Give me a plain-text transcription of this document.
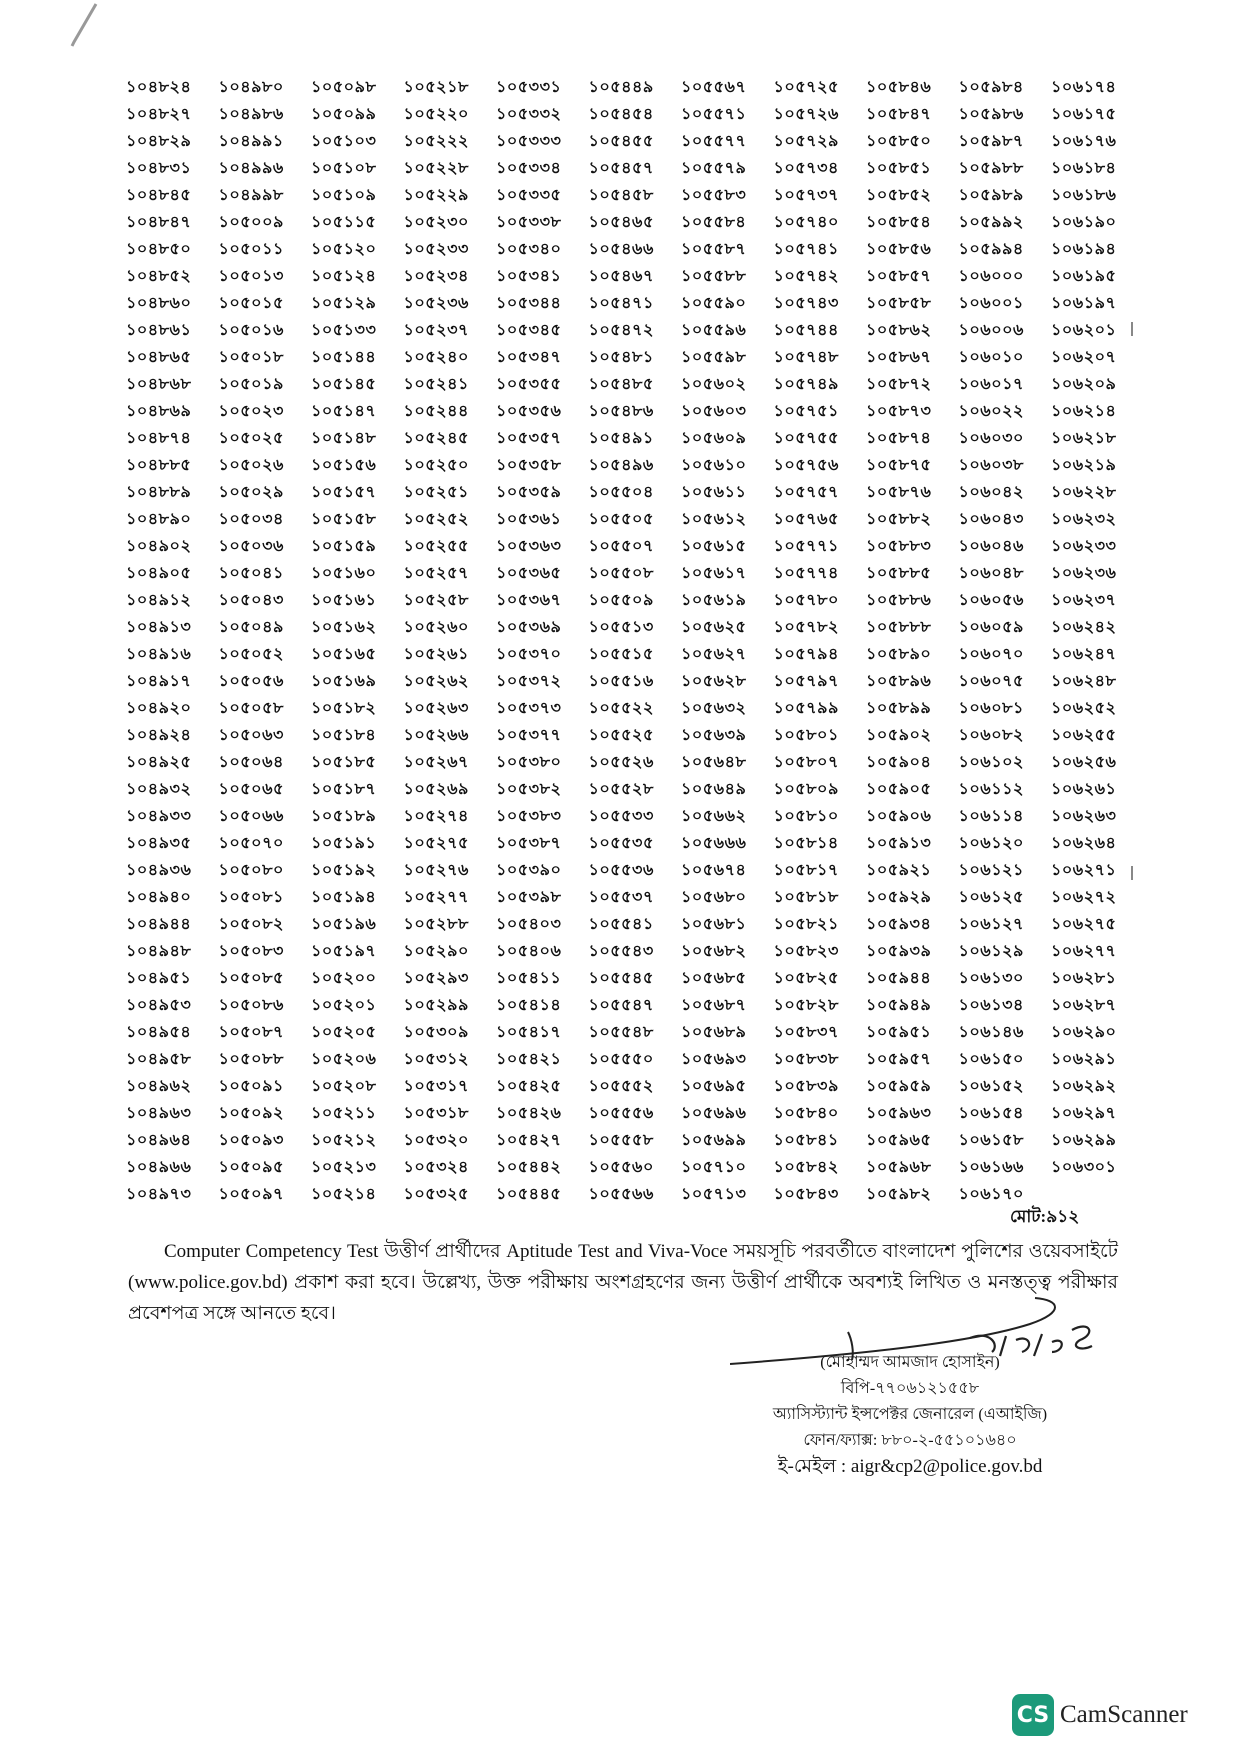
১০৪৮২৪	১০৪৯৮০	১০৫০৯৮	১০৫২১৮	১০৫৩৩১	১০৫৪৪৯	১০৫৫৬৭	১০৫৭২৫	১০৫৮৪৬	১০৫৯৮৪	১০৬১৭৪
১০৪৮২৭	১০৪৯৮৬	১০৫০৯৯	১০৫২২০	১০৫৩৩২	১০৫৪৫৪	১০৫৫৭১	১০৫৭২৬	১০৫৮৪৭	১০৫৯৮৬	১০৬১৭৫
১০৪৮২৯	১০৪৯৯১	১০৫১০৩	১০৫২২২	১০৫৩৩৩	১০৫৪৫৫	১০৫৫৭৭	১০৫৭২৯	১০৫৮৫০	১০৫৯৮৭	১০৬১৭৬
১০৪৮৩১	১০৪৯৯৬	১০৫১০৮	১০৫২২৮	১০৫৩৩৪	১০৫৪৫৭	১০৫৫৭৯	১০৫৭৩৪	১০৫৮৫১	১০৫৯৮৮	১০৬১৮৪
১০৪৮৪৫	১০৪৯৯৮	১০৫১০৯	১০৫২২৯	১০৫৩৩৫	১০৫৪৫৮	১০৫৫৮৩	১০৫৭৩৭	১০৫৮৫২	১০৫৯৮৯	১০৬১৮৬
১০৪৮৪৭	১০৫০০৯	১০৫১১৫	১০৫২৩০	১০৫৩৩৮	১০৫৪৬৫	১০৫৫৮৪	১০৫৭৪০	১০৫৮৫৪	১০৫৯৯২	১০৬১৯০
১০৪৮৫০	১০৫০১১	১০৫১২০	১০৫২৩৩	১০৫৩৪০	১০৫৪৬৬	১০৫৫৮৭	১০৫৭৪১	১০৫৮৫৬	১০৫৯৯৪	১০৬১৯৪
১০৪৮৫২	১০৫০১৩	১০৫১২৪	১০৫২৩৪	১০৫৩৪১	১০৫৪৬৭	১০৫৫৮৮	১০৫৭৪২	১০৫৮৫৭	১০৬০০০	১০৬১৯৫
১০৪৮৬০	১০৫০১৫	১০৫১২৯	১০৫২৩৬	১০৫৩৪৪	১০৫৪৭১	১০৫৫৯০	১০৫৭৪৩	১০৫৮৫৮	১০৬০০১	১০৬১৯৭
১০৪৮৬১	১০৫০১৬	১০৫১৩৩	১০৫২৩৭	১০৫৩৪৫	১০৫৪৭২	১০৫৫৯৬	১০৫৭৪৪	১০৫৮৬২	১০৬০০৬	১০৬২০১
১০৪৮৬৫	১০৫০১৮	১০৫১৪৪	১০৫২৪০	১০৫৩৪৭	১০৫৪৮১	১০৫৫৯৮	১০৫৭৪৮	১০৫৮৬৭	১০৬০১০	১০৬২০৭
১০৪৮৬৮	১০৫০১৯	১০৫১৪৫	১০৫২৪১	১০৫৩৫৫	১০৫৪৮৫	১০৫৬০২	১০৫৭৪৯	১০৫৮৭২	১০৬০১৭	১০৬২০৯
১০৪৮৬৯	১০৫০২৩	১০৫১৪৭	১০৫২৪৪	১০৫৩৫৬	১০৫৪৮৬	১০৫৬০৩	১০৫৭৫১	১০৫৮৭৩	১০৬০২২	১০৬২১৪
১০৪৮৭৪	১০৫০২৫	১০৫১৪৮	১০৫২৪৫	১০৫৩৫৭	১০৫৪৯১	১০৫৬০৯	১০৫৭৫৫	১০৫৮৭৪	১০৬০৩০	১০৬২১৮
১০৪৮৮৫	১০৫০২৬	১০৫১৫৬	১০৫২৫০	১০৫৩৫৮	১০৫৪৯৬	১০৫৬১০	১০৫৭৫৬	১০৫৮৭৫	১০৬০৩৮	১০৬২১৯
১০৪৮৮৯	১০৫০২৯	১০৫১৫৭	১০৫২৫১	১০৫৩৫৯	১০৫৫০৪	১০৫৬১১	১০৫৭৫৭	১০৫৮৭৬	১০৬০৪২	১০৬২২৮
১০৪৮৯০	১০৫০৩৪	১০৫১৫৮	১০৫২৫২	১০৫৩৬১	১০৫৫০৫	১০৫৬১২	১০৫৭৬৫	১০৫৮৮২	১০৬০৪৩	১০৬২৩২
১০৪৯০২	১০৫০৩৬	১০৫১৫৯	১০৫২৫৫	১০৫৩৬৩	১০৫৫০৭	১০৫৬১৫	১০৫৭৭১	১০৫৮৮৩	১০৬০৪৬	১০৬২৩৩
১০৪৯০৫	১০৫০৪১	১০৫১৬০	১০৫২৫৭	১০৫৩৬৫	১০৫৫০৮	১০৫৬১৭	১০৫৭৭৪	১০৫৮৮৫	১০৬০৪৮	১০৬২৩৬
১০৪৯১২	১০৫০৪৩	১০৫১৬১	১০৫২৫৮	১০৫৩৬৭	১০৫৫০৯	১০৫৬১৯	১০৫৭৮০	১০৫৮৮৬	১০৬০৫৬	১০৬২৩৭
১০৪৯১৩	১০৫০৪৯	১০৫১৬২	১০৫২৬০	১০৫৩৬৯	১০৫৫১৩	১০৫৬২৫	১০৫৭৮২	১০৫৮৮৮	১০৬০৫৯	১০৬২৪২
১০৪৯১৬	১০৫০৫২	১০৫১৬৫	১০৫২৬১	১০৫৩৭০	১০৫৫১৫	১০৫৬২৭	১০৫৭৯৪	১০৫৮৯০	১০৬০৭০	১০৬২৪৭
১০৪৯১৭	১০৫০৫৬	১০৫১৬৯	১০৫২৬২	১০৫৩৭২	১০৫৫১৬	১০৫৬২৮	১০৫৭৯৭	১০৫৮৯৬	১০৬০৭৫	১০৬২৪৮
১০৪৯২০	১০৫০৫৮	১০৫১৮২	১০৫২৬৩	১০৫৩৭৩	১০৫৫২২	১০৫৬৩২	১০৫৭৯৯	১০৫৮৯৯	১০৬০৮১	১০৬২৫২
১০৪৯২৪	১০৫০৬৩	১০৫১৮৪	১০৫২৬৬	১০৫৩৭৭	১০৫৫২৫	১০৫৬৩৯	১০৫৮০১	১০৫৯০২	১০৬০৮২	১০৬২৫৫
১০৪৯২৫	১০৫০৬৪	১০৫১৮৫	১০৫২৬৭	১০৫৩৮০	১০৫৫২৬	১০৫৬৪৮	১০৫৮০৭	১০৫৯০৪	১০৬১০২	১০৬২৫৬
১০৪৯৩২	১০৫০৬৫	১০৫১৮৭	১০৫২৬৯	১০৫৩৮২	১০৫৫২৮	১০৫৬৪৯	১০৫৮০৯	১০৫৯০৫	১০৬১১২	১০৬২৬১
১০৪৯৩৩	১০৫০৬৬	১০৫১৮৯	১০৫২৭৪	১০৫৩৮৩	১০৫৫৩৩	১০৫৬৬২	১০৫৮১০	১০৫৯০৬	১০৬১১৪	১০৬২৬৩
১০৪৯৩৫	১০৫০৭০	১০৫১৯১	১০৫২৭৫	১০৫৩৮৭	১০৫৫৩৫	১০৫৬৬৬	১০৫৮১৪	১০৫৯১৩	১০৬১২০	১০৬২৬৪
১০৪৯৩৬	১০৫০৮০	১০৫১৯২	১০৫২৭৬	১০৫৩৯০	১০৫৫৩৬	১০৫৬৭৪	১০৫৮১৭	১০৫৯২১	১০৬১২১	১০৬২৭১
১০৪৯৪০	১০৫০৮১	১০৫১৯৪	১০৫২৭৭	১০৫৩৯৮	১০৫৫৩৭	১০৫৬৮০	১০৫৮১৮	১০৫৯২৯	১০৬১২৫	১০৬২৭২
১০৪৯৪৪	১০৫০৮২	১০৫১৯৬	১০৫২৮৮	১০৫৪০৩	১০৫৫৪১	১০৫৬৮১	১০৫৮২১	১০৫৯৩৪	১০৬১২৭	১০৬২৭৫
১০৪৯৪৮	১০৫০৮৩	১০৫১৯৭	১০৫২৯০	১০৫৪০৬	১০৫৫৪৩	১০৫৬৮২	১০৫৮২৩	১০৫৯৩৯	১০৬১২৯	১০৬২৭৭
১০৪৯৫১	১০৫০৮৫	১০৫২০০	১০৫২৯৩	১০৫৪১১	১০৫৫৪৫	১০৫৬৮৫	১০৫৮২৫	১০৫৯৪৪	১০৬১৩০	১০৬২৮১
১০৪৯৫৩	১০৫০৮৬	১০৫২০১	১০৫২৯৯	১০৫৪১৪	১০৫৫৪৭	১০৫৬৮৭	১০৫৮২৮	১০৫৯৪৯	১০৬১৩৪	১০৬২৮৭
১০৪৯৫৪	১০৫০৮৭	১০৫২০৫	১০৫৩০৯	১০৫৪১৭	১০৫৫৪৮	১০৫৬৮৯	১০৫৮৩৭	১০৫৯৫১	১০৬১৪৬	১০৬২৯০
১০৪৯৫৮	১০৫০৮৮	১০৫২০৬	১০৫৩১২	১০৫৪২১	১০৫৫৫০	১০৫৬৯৩	১০৫৮৩৮	১০৫৯৫৭	১০৬১৫০	১০৬২৯১
১০৪৯৬২	১০৫০৯১	১০৫২০৮	১০৫৩১৭	১০৫৪২৫	১০৫৫৫২	১০৫৬৯৫	১০৫৮৩৯	১০৫৯৫৯	১০৬১৫২	১০৬২৯২
১০৪৯৬৩	১০৫০৯২	১০৫২১১	১০৫৩১৮	১০৫৪২৬	১০৫৫৫৬	১০৫৬৯৬	১০৫৮৪০	১০৫৯৬৩	১০৬১৫৪	১০৬২৯৭
১০৪৯৬৪	১০৫০৯৩	১০৫২১২	১০৫৩২০	১০৫৪২৭	১০৫৫৫৮	১০৫৬৯৯	১০৫৮৪১	১০৫৯৬৫	১০৬১৫৮	১০৬২৯৯
১০৪৯৬৬	১০৫০৯৫	১০৫২১৩	১০৫৩২৪	১০৫৪৪২	১০৫৫৬০	১০৫৭১০	১০৫৮৪২	১০৫৯৬৮	১০৬১৬৬	১০৬৩০১
১০৪৯৭৩	১০৫০৯৭	১০৫২১৪	১০৫৩২৫	১০৫৪৪৫	১০৫৫৬৬	১০৫৭১৩	১০৫৮৪৩	১০৫৯৮২	১০৬১৭০	
মোট:৯১২
Computer Competency Test উত্তীর্ণ প্রার্থীদের Aptitude Test and Viva-Voce সময়সূচি পরবর্তীতে বাংলাদেশ পুলিশের ওয়েবসাইটে (www.police.gov.bd) প্রকাশ করা হবে। উল্লেখ্য, উক্ত পরীক্ষায় অংশগ্রহণের জন্য উত্তীর্ণ প্রার্থীকে অবশ্যই লিখিত ও মনস্তত্ত্ব পরীক্ষার প্রবেশপত্র সঙ্গে আনতে হবে।
(মোহাম্মদ আমজাদ হোসাইন)
বিপি-৭৭০৬১২১৫৫৮
অ্যাসিস্ট্যান্ট ইন্সপেক্টর জেনারেল (এআইজি)
ফোন/ফ্যাক্স: ৮৮০-২-৫৫১০১৬৪০
ই-মেইল : aigr&cp2@police.gov.bd
CS CamScanner
